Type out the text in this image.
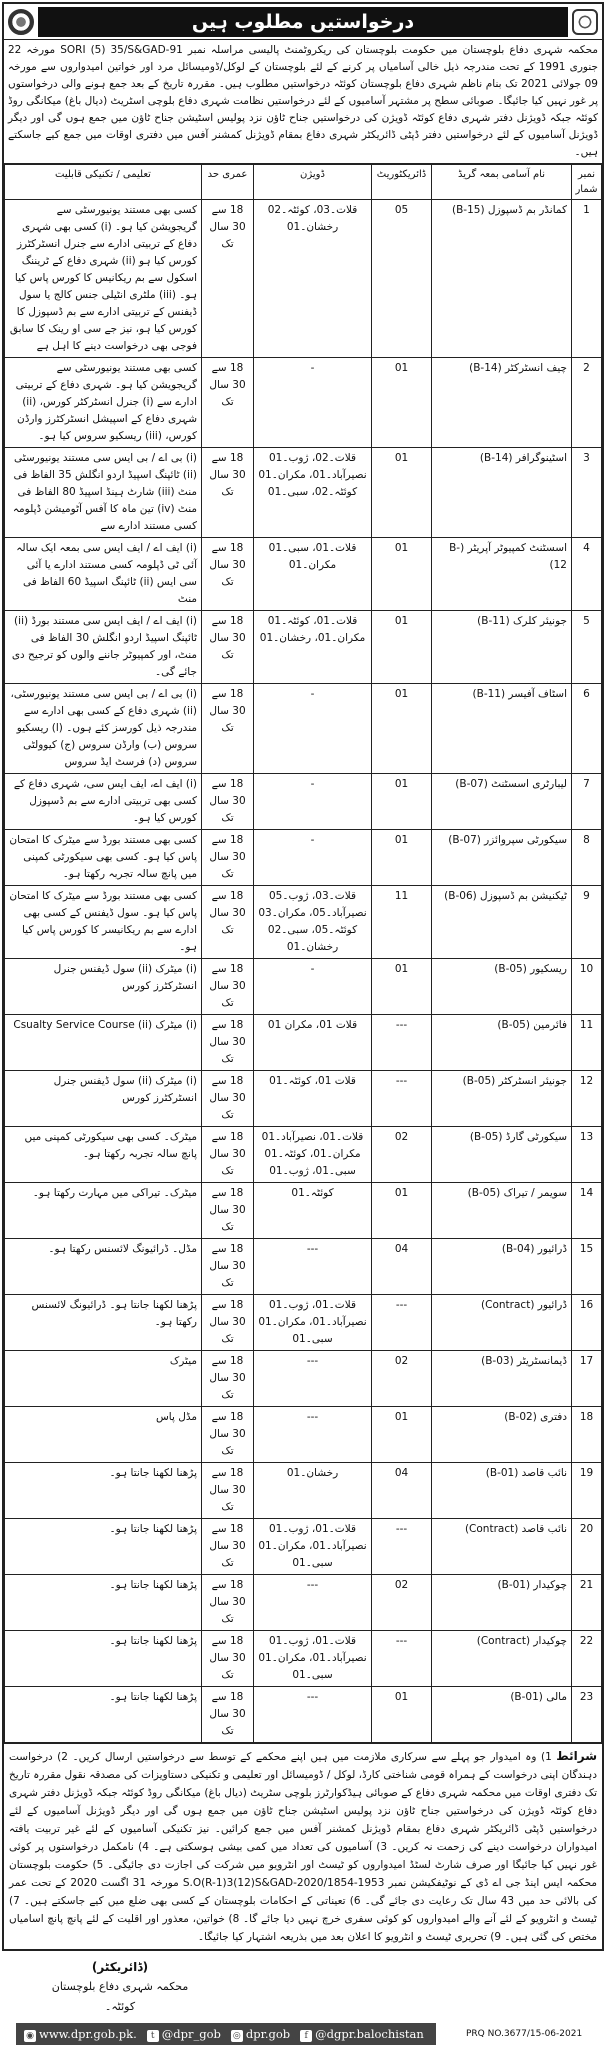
درخواستیں مطلوب ہیں
محکمہ شہری دفاع بلوچستان میں حکومت بلوچستان کی ریکروٹمنٹ پالیسی مراسلہ نمبر SORI (5) 35/S&GAD-91 مورخہ 22 جنوری 1991 کے تحت مندرجہ ذیل خالی آسامیاں پر کرنے کے لئے بلوچستان کے لوکل/ڈومیسائل مرد اور خواتین امیدواروں سے مورخہ 09 جولائی 2021 تک بنام ناظم شہری دفاع بلوچستان کوئٹہ درخواستیں مطلوب ہیں۔ مقررہ تاریخ کے بعد جمع ہونے والی درخواستوں پر غور نہیں کیا جائیگا۔ صوبائی سطح پر مشتہر آسامیوں کے لئے درخواستیں نظامت شہری دفاع بلوچی اسٹریٹ (دیال باغ) میکانگی روڈ کوئٹہ جبکہ ڈویژنل دفتر شہری دفاع کوئٹہ ڈویژن کی درخواستیں جناح ٹاؤن نزد پولیس اسٹیشن جناح ٹاؤن میں جمع ہوں گی اور دیگر ڈویژنل آسامیوں کے لئے درخواستیں دفتر ڈپٹی ڈائریکٹر شہری دفاع بمقام ڈویژنل کمشنر آفس میں دفتری اوقات میں جمع کیے جاسکتے ہیں۔
نمبر شمار	نام آسامی بمعہ گریڈ	ڈائریکٹوریٹ	ڈویژن	عمری حد	تعلیمی / تکنیکی قابلیت
1	کمانڈر بم ڈسپوزل (B-15)	05	قلات۔03، کوئٹہ۔02 رخشان۔01	18 سے 30 سال تک	کسی بھی مستند یونیورسٹی سے گریجویشن کیا ہو۔ (i) کسی بھی شہری دفاع کے تربیتی ادارے سے جنرل انسٹرکٹرز کورس کیا ہو (ii) شہری دفاع کے ٹریننگ اسکول سے بم ریکانیس کا کورس پاس کیا ہو۔ (iii) ملٹری انٹیلی جنس کالج یا سول ڈیفنس کے تربیتی ادارے سے بم ڈسپوزل کا کورس کیا ہو، نیز جے سی او رینک کا سابق فوجی بھی درخواست دینے کا اہل ہے
2	چیف انسٹرکٹر (B-14)	01	-	18 سے 30 سال تک	کسی بھی مستند یونیورسٹی سے گریجویشن کیا ہو۔ شہری دفاع کے تربیتی ادارے سے (i) جنرل انسٹرکٹر کورس، (ii) شہری دفاع کے اسپیشل انسٹرکٹرز وارڈن کورس، (iii) ریسکیو سروس کیا ہو۔
3	اسٹینوگرافر (B-14)	01	قلات۔02، ژوب۔01 نصیرآباد۔01، مکران۔01 کوئٹہ۔02، سبی۔01	18 سے 30 سال تک	(i) بی اے / بی ایس سی مستند یونیورسٹی (ii) ٹائپنگ اسپیڈ اردو انگلش 35 الفاظ فی منٹ (iii) شارٹ ہینڈ اسپیڈ 80 الفاظ فی منٹ (iv) تین ماہ کا آفس آٹومیشن ڈپلومہ کسی مستند ادارے سے
4	اسسٹنٹ کمپیوٹر آپریٹر (B-12)	01	قلات۔01، سبی۔01 مکران۔01	18 سے 30 سال تک	(i) ایف اے / ایف ایس سی بمعہ ایک سالہ آئی ٹی ڈپلومہ کسی مستند ادارے یا آئی سی ایس (ii) ٹائپنگ اسپیڈ 60 الفاظ فی منٹ
5	جونیئر کلرک (B-11)	01	قلات۔01، کوئٹہ۔01 مکران۔01، رخشان۔01	18 سے 30 سال تک	(i) ایف اے / ایف ایس سی مستند بورڈ (ii) ٹائپنگ اسپیڈ اردو انگلش 30 الفاظ فی منٹ، اور کمپیوٹر جاننے والوں کو ترجیح دی جائے گی۔
6	اسٹاف آفیسر (B-11)	01	-	18 سے 30 سال تک	(i) بی اے / بی ایس سی مستند یونیورسٹی، (ii) شہری دفاع کے کسی بھی ادارے سے مندرجہ ذیل کورسز کئے ہوں۔ (ا) ریسکیو سروس (ب) وارڈن سروس (ج) کیوولٹی سروس (د) فرسٹ ایڈ سروس
7	لیبارٹری اسسٹنٹ (B-07)	01	-	18 سے 30 سال تک	(i) ایف اے، ایف ایس سی، شہری دفاع کے کسی بھی تربیتی ادارے سے بم ڈسپوزل کورس کیا ہو۔
8	سیکورٹی سپروائزر (B-07)	01	-	18 سے 30 سال تک	کسی بھی مستند بورڈ سے میٹرک کا امتحان پاس کیا ہو۔ کسی بھی سیکورٹی کمپنی میں پانچ سالہ تجربہ رکھتا ہو۔
9	ٹیکنیشن بم ڈسپوزل (B-06)	11	قلات۔03، ژوب۔05 نصیرآباد۔05، مکران۔03 کوئٹہ۔05، سبی۔02 رخشان۔01	18 سے 30 سال تک	کسی بھی مستند بورڈ سے میٹرک کا امتحان پاس کیا ہو۔ سول ڈیفنس کے کسی بھی ادارے سے بم ریکانیسر کا کورس پاس کیا ہو۔
10	ریسکیور (B-05)	01	-	18 سے 30 سال تک	(i) میٹرک (ii) سول ڈیفنس جنرل انسٹرکٹرز کورس
11	فائرمین (B-05)	---	قلات 01، مکران 01	18 سے 30 سال تک	(i) میٹرک (ii) Csualty Service Course
12	جونیئر انسٹرکٹر (B-05)	---	قلات 01، کوئٹہ۔01	18 سے 30 سال تک	(i) میٹرک (ii) سول ڈیفنس جنرل انسٹرکٹرز کورس
13	سیکورٹی گارڈ (B-05)	02	قلات۔01، نصیرآباد۔01 مکران۔01، کوئٹہ۔01 سبی۔01، ژوب۔01	18 سے 30 سال تک	میٹرک۔ کسی بھی سیکورٹی کمپنی میں پانچ سالہ تجربہ رکھتا ہو۔
14	سویمر / تیراک (B-05)	01	کوئٹہ۔01	18 سے 30 سال تک	میٹرک۔ تیراکی میں مہارت رکھتا ہو۔
15	ڈرائیور (B-04)	04	---	18 سے 30 سال تک	مڈل۔ ڈرائیونگ لائسنس رکھتا ہو۔
16	ڈرائیور (Contract)	---	قلات۔01، ژوب۔01 نصیرآباد۔01، مکران۔01 سبی۔01	18 سے 30 سال تک	پڑھنا لکھنا جانتا ہو۔ ڈرائیونگ لائسنس رکھتا ہو۔
17	ڈیمانسٹریٹر (B-03)	02	---	18 سے 30 سال تک	میٹرک
18	دفتری (B-02)	01	---	18 سے 30 سال تک	مڈل پاس
19	نائب قاصد (B-01)	04	رخشان۔01	18 سے 30 سال تک	پڑھنا لکھنا جانتا ہو۔
20	نائب قاصد (Contract)	---	قلات۔01، ژوب۔01 نصیرآباد۔01، مکران۔01 سبی۔01	18 سے 30 سال تک	پڑھنا لکھنا جانتا ہو۔
21	چوکیدار (B-01)	02	---	18 سے 30 سال تک	پڑھنا لکھنا جانتا ہو۔
22	چوکیدار (Contract)	---	قلات۔01، ژوب۔01 نصیرآباد۔01، مکران۔01 سبی۔01	18 سے 30 سال تک	پڑھنا لکھنا جانتا ہو۔
23	مالی (B-01)	01	---	18 سے 30 سال تک	پڑھنا لکھنا جانتا ہو۔
شرائط 1) وہ امیدوار جو پہلے سے سرکاری ملازمت میں ہیں اپنے محکمے کے توسط سے درخواستیں ارسال کریں۔ 2) درخواست دہندگان اپنی درخواست کے ہمراہ قومی شناختی کارڈ، لوکل / ڈومیسائل اور تعلیمی و تکنیکی دستاویزات کی مصدقہ نقول مقررہ تاریخ تک دفتری اوقات میں محکمہ شہری دفاع کے صوبائی ہیڈکوارٹرز بلوچی سٹریٹ (دیال باغ) میکانگی روڈ کوئٹہ جبکہ ڈویژنل دفتر شہری دفاع کوئٹہ ڈویژن کی درخواستیں جناح ٹاؤن نزد پولیس اسٹیشن جناح ٹاؤن میں جمع ہوں گی اور دیگر ڈویژنل آسامیوں کے لئے درخواستیں ڈپٹی ڈائریکٹر شہری دفاع بمقام ڈویژنل کمشنر آفس میں جمع کرائیں۔ نیز تکنیکی آسامیوں کے لئے غیر تربیت یافتہ امیدواران درخواست دینے کی زحمت نہ کریں۔ 3) آسامیوں کی تعداد میں کمی بیشی ہوسکتی ہے۔ 4) نامکمل درخواستوں پر کوئی غور نہیں کیا جائیگا اور صرف شارٹ لسٹڈ امیدواروں کو ٹیسٹ اور انٹرویو میں شرکت کی اجازت دی جائیگی۔ 5) حکومت بلوچستان محکمہ ایس اینڈ جی اے ڈی کے نوٹیفکیشن نمبر S.O(R-1)3(12)S&GAD-2020/1854-1953 مورخہ 31 اگست 2020 کے تحت عمر کی بالائی حد میں 43 سال تک رعایت دی جائے گی۔ 6) تعیناتی کے احکامات بلوچستان کے کسی بھی ضلع میں کیے جاسکتے ہیں۔ 7) ٹیسٹ و انٹرویو کے لئے آنے والے امیدواروں کو کوئی سفری خرچ نہیں دیا جائے گا۔ 8) خواتین، معذور اور اقلیت کے لئے پانچ پانچ اسامیاں مختص کی گئی ہیں۔ 9) تحریری ٹیسٹ و انٹرویو کا اعلان بعد میں بذریعہ اشتہار کیا جائیگا۔
(ڈائریکٹر)
محکمہ شہری دفاع بلوچستان کوئٹہ۔
◉ www.dpr.gob.pk.	t @dpr_gob ◎ dpr.gob	f @dgpr.balochistan	PRQ NO.3677/15-06-2021
